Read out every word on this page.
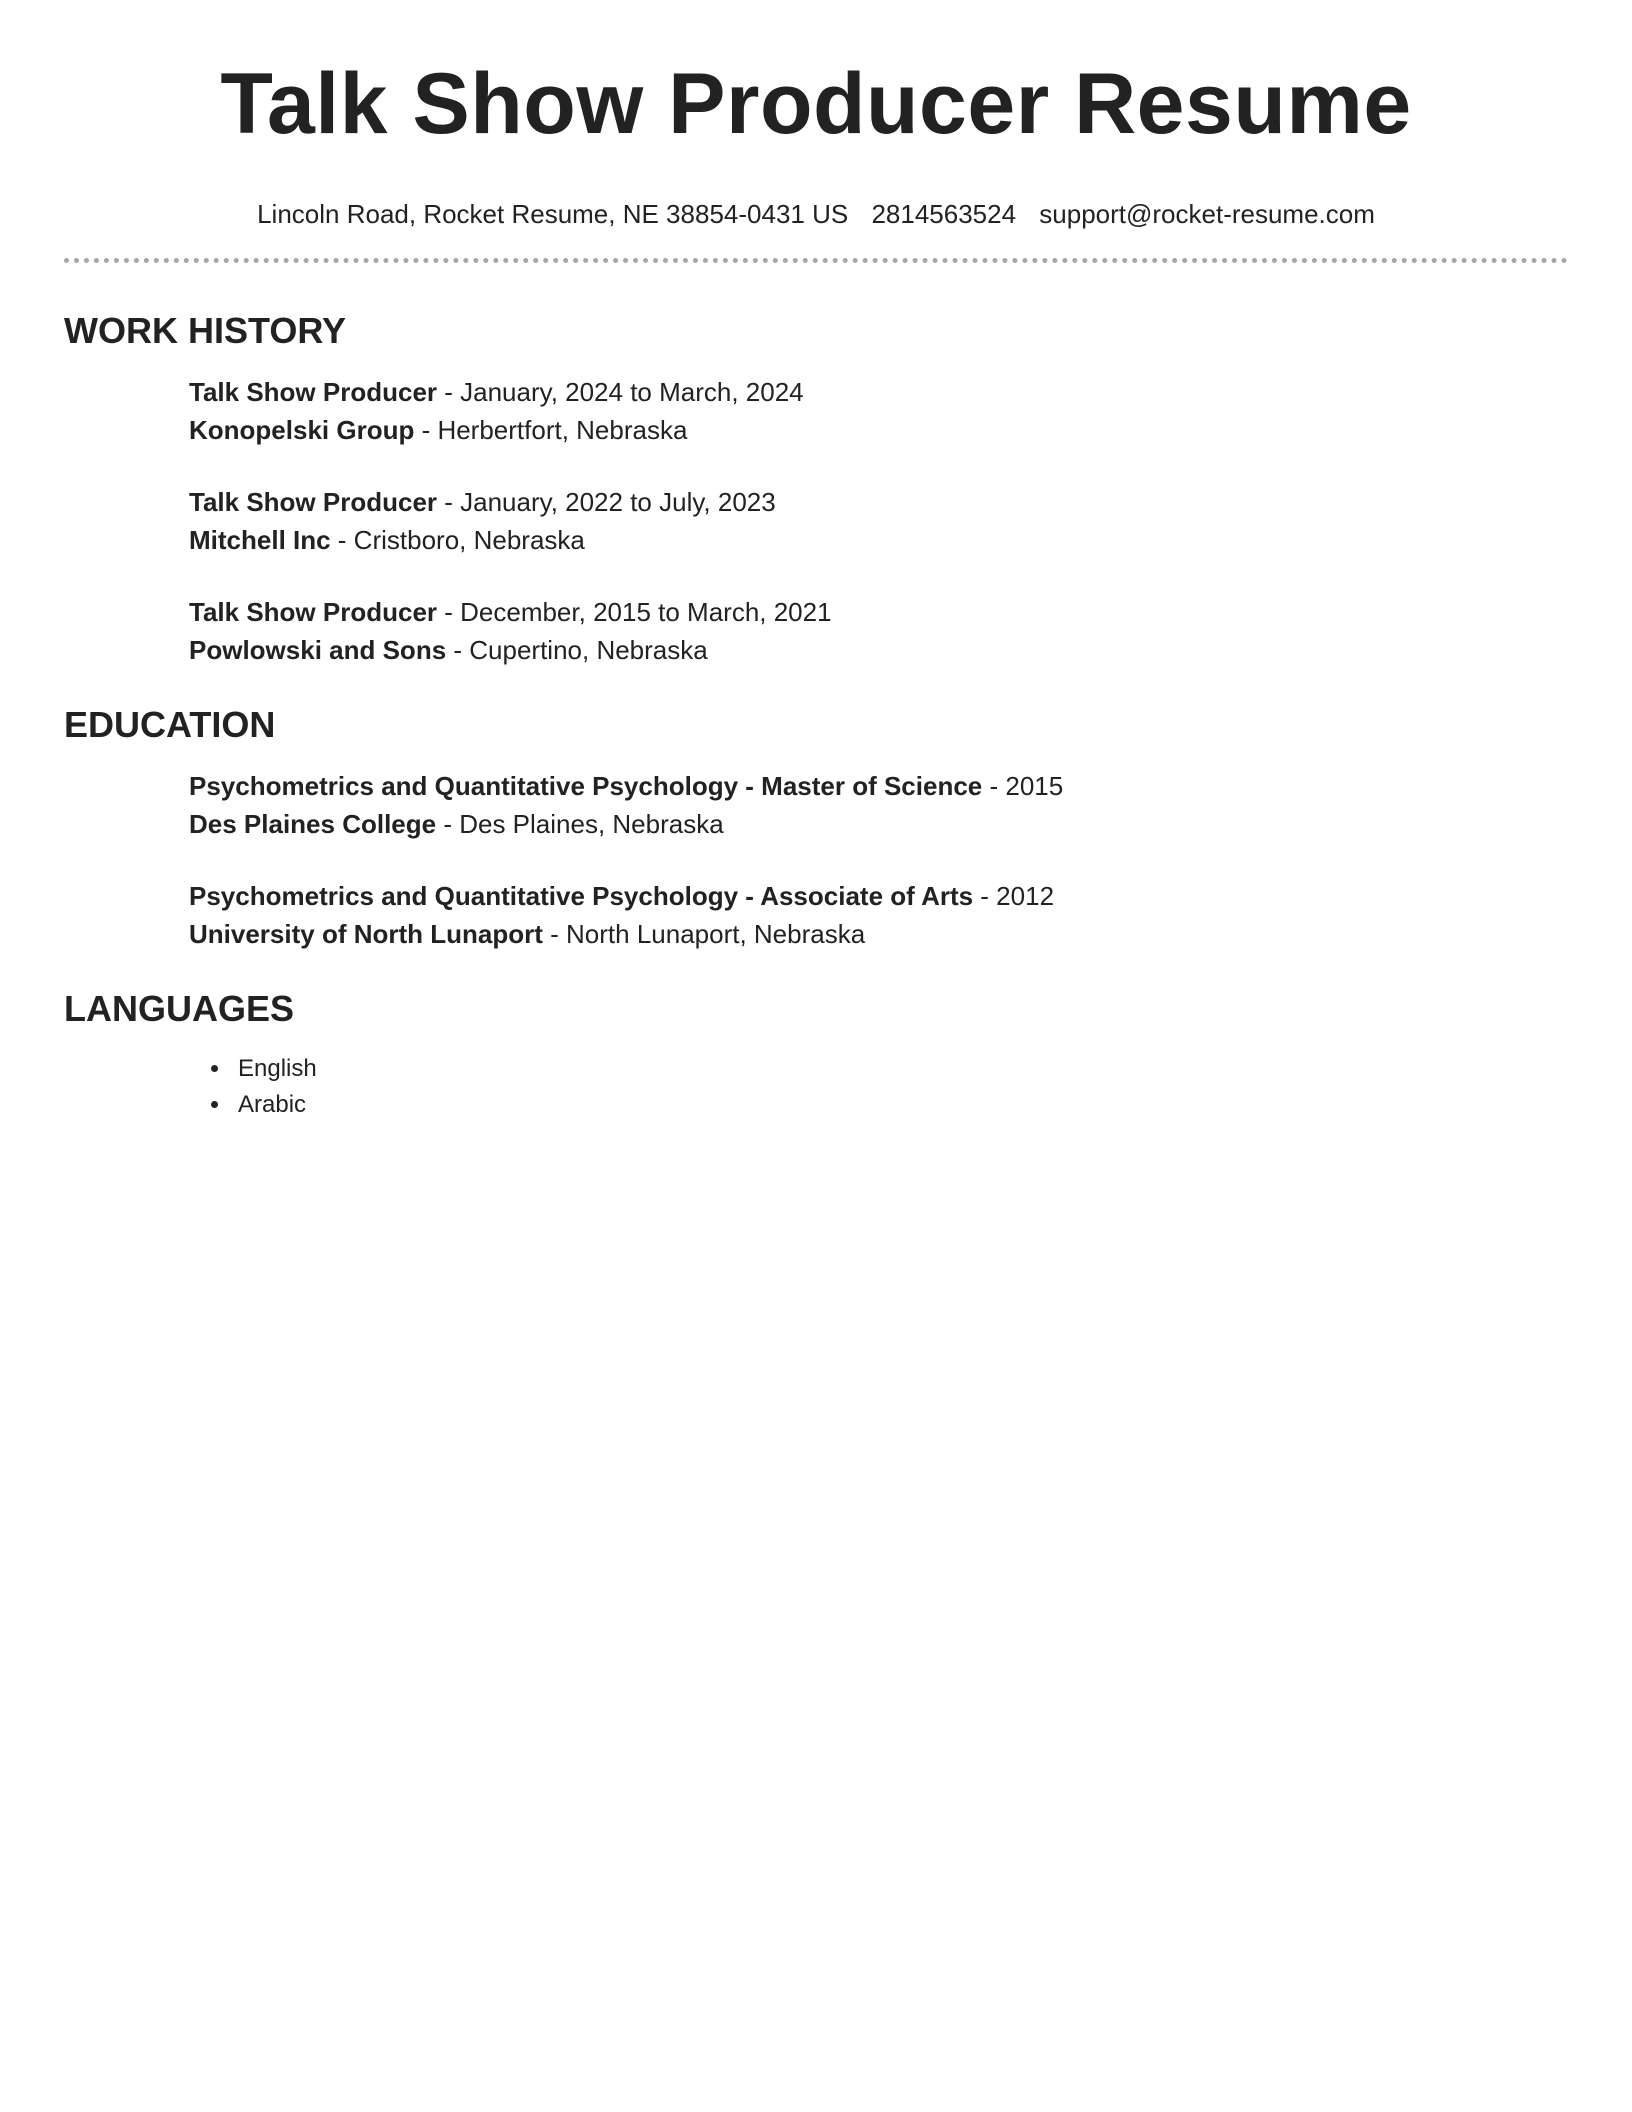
Talk Show Producer Resume
Lincoln Road, Rocket Resume, NE 38854-0431 US 2814563524 support@rocket-resume.com
WORK HISTORY
Talk Show Producer - January, 2024 to March, 2024
Konopelski Group - Herbertfort, Nebraska
Talk Show Producer - January, 2022 to July, 2023
Mitchell Inc - Cristboro, Nebraska
Talk Show Producer - December, 2015 to March, 2021
Powlowski and Sons - Cupertino, Nebraska
EDUCATION
Psychometrics and Quantitative Psychology - Master of Science - 2015
Des Plaines College - Des Plaines, Nebraska
Psychometrics and Quantitative Psychology - Associate of Arts - 2012
University of North Lunaport - North Lunaport, Nebraska
LANGUAGES
• English
• Arabic
